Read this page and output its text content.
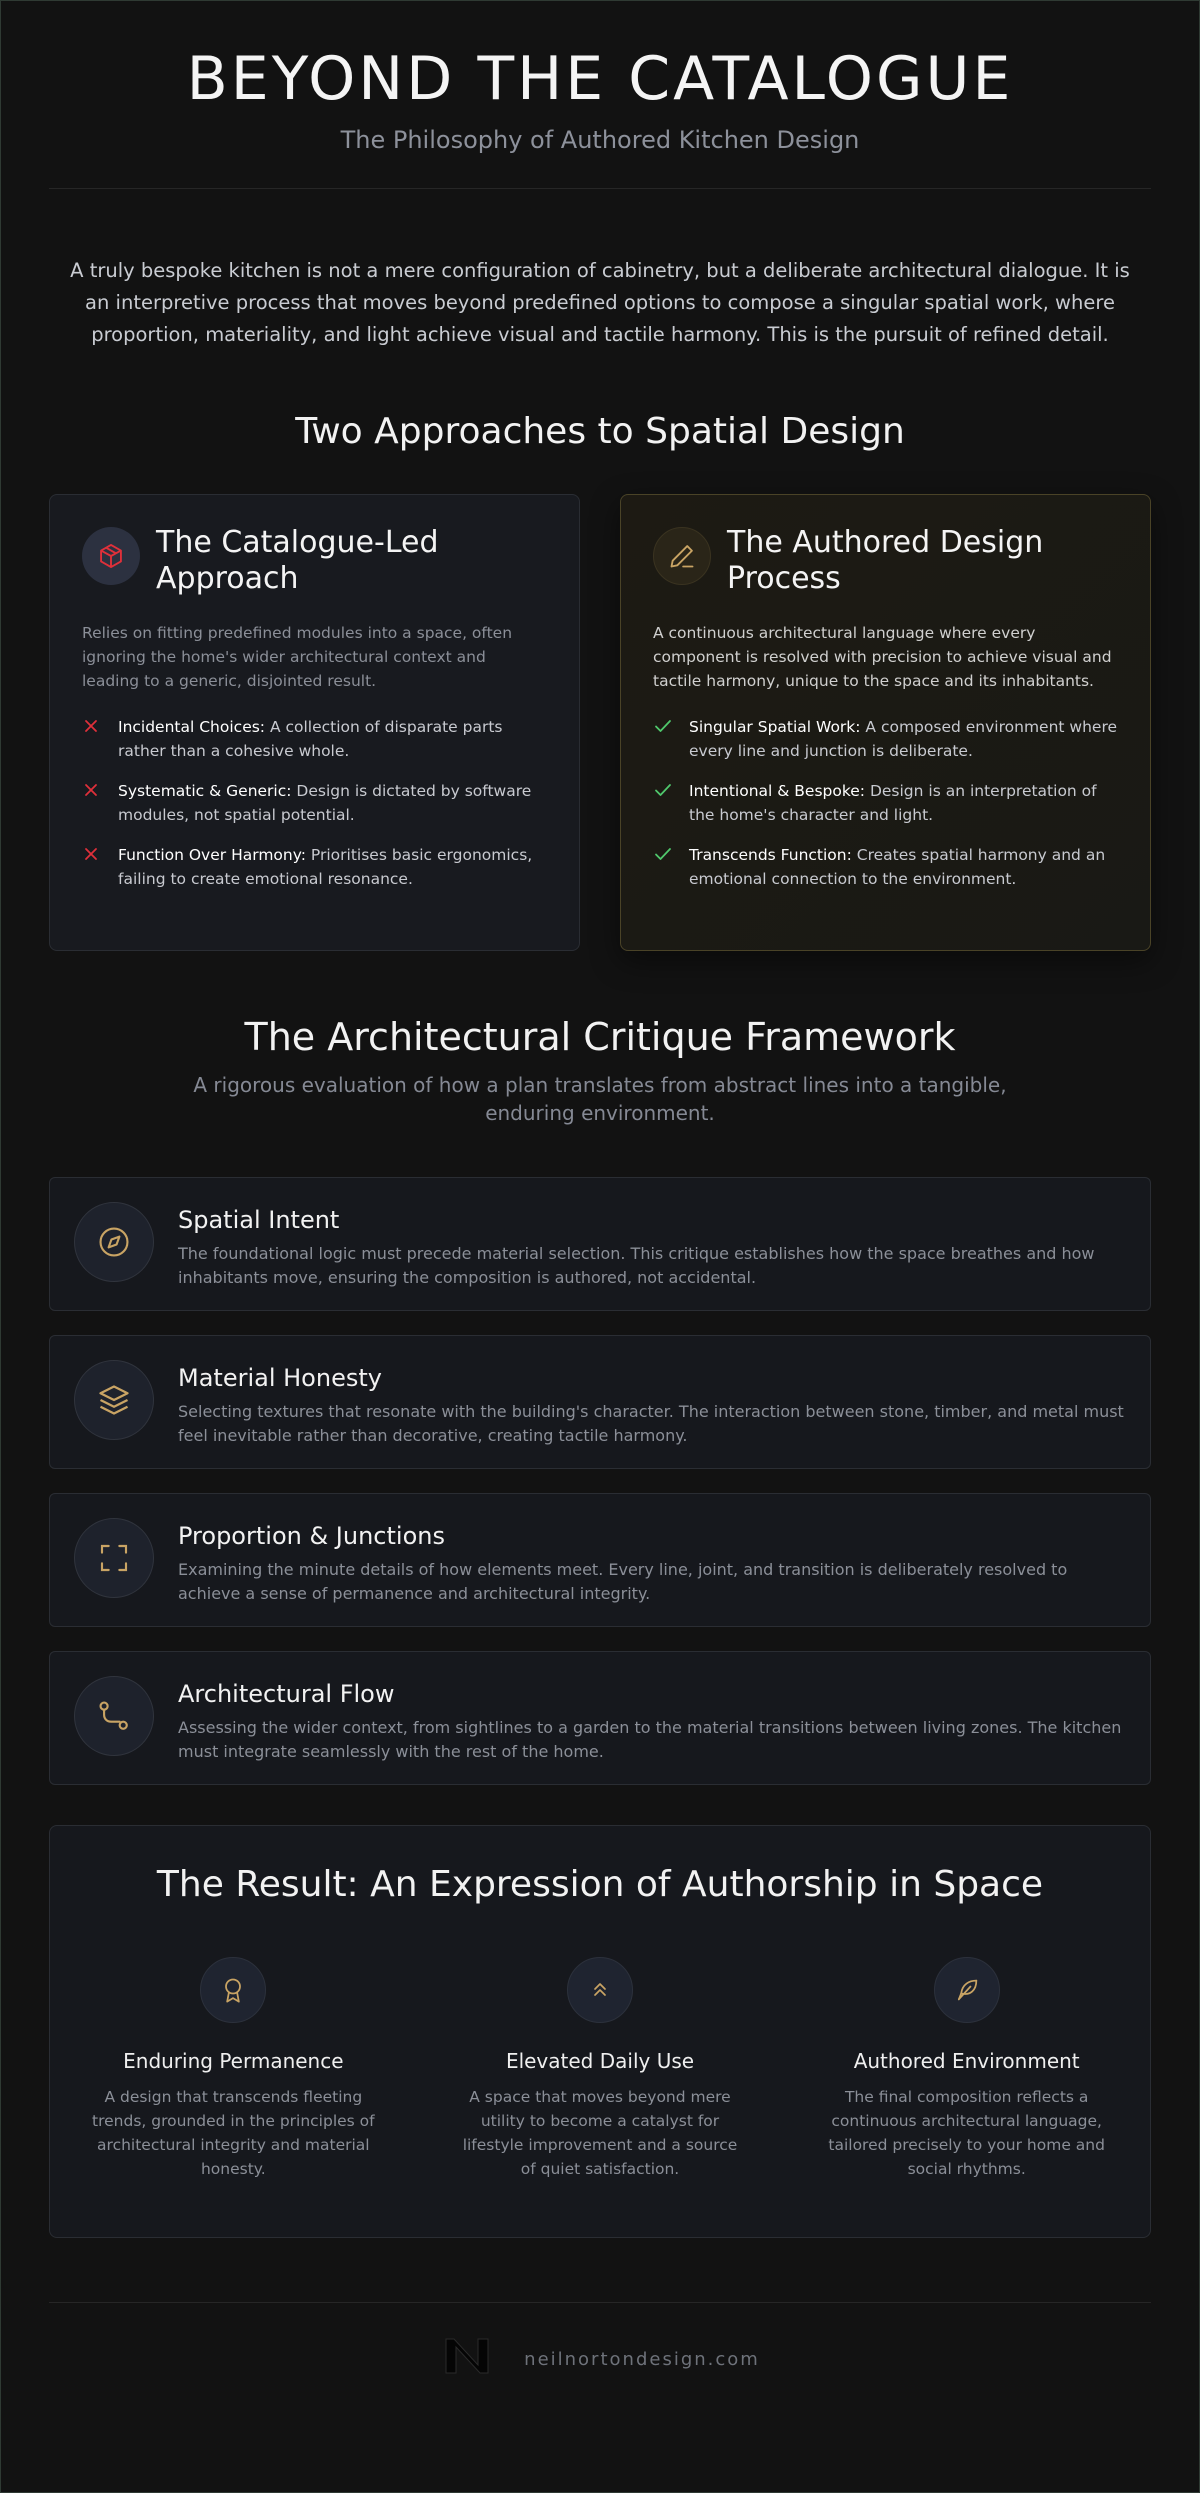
BEYOND THE CATALOGUE

The Philosophy of Authored Kitchen Design

A truly bespoke kitchen is not a mere configuration of cabinetry, but a deliberate architectural dialogue. It is an interpretive process that moves beyond predefined options to compose a singular spatial work, where proportion, materiality, and light achieve visual and tactile harmony. This is the pursuit of refined detail.

Two Approaches to Spatial Design
The Catalogue-Led Approach

Relies on fitting predefined modules into a space, often ignoring the home's wider architectural context and leading to a generic, disjointed result.

Incidental Choices: A collection of disparate parts rather than a cohesive whole.
Systematic & Generic: Design is dictated by software modules, not spatial potential.
Function Over Harmony: Prioritises basic ergonomics, failing to create emotional resonance.
The Authored Design Process

A continuous architectural language where every component is resolved with precision to achieve visual and tactile harmony, unique to the space and its inhabitants.

Singular Spatial Work: A composed environment where every line and junction is deliberate.
Intentional & Bespoke: Design is an interpretation of the home's character and light.
Transcends Function: Creates spatial harmony and an emotional connection to the environment.
The Architectural Critique Framework

A rigorous evaluation of how a plan translates from abstract lines into a tangible, enduring environment.

Spatial Intent
The foundational logic must precede material selection. This critique establishes how the space breathes and how inhabitants move, ensuring the composition is authored, not accidental.
Material Honesty
Selecting textures that resonate with the building's character. The interaction between stone, timber, and metal must feel inevitable rather than decorative, creating tactile harmony.
Proportion & Junctions
Examining the minute details of how elements meet. Every line, joint, and transition is deliberately resolved to achieve a sense of permanence and architectural integrity.
Architectural Flow
Assessing the wider context, from sightlines to a garden to the material transitions between living zones. The kitchen must integrate seamlessly with the rest of the home.
The Result: An Expression of Authorship in Space
Enduring Permanence
A design that transcends fleeting trends, grounded in the principles of architectural integrity and material honesty.
Elevated Daily Use
A space that moves beyond mere utility to become a catalyst for lifestyle improvement and a source of quiet satisfaction.
Authored Environment
The final composition reflects a continuous architectural language, tailored precisely to your home and social rhythms.
neilnortondesign.com
